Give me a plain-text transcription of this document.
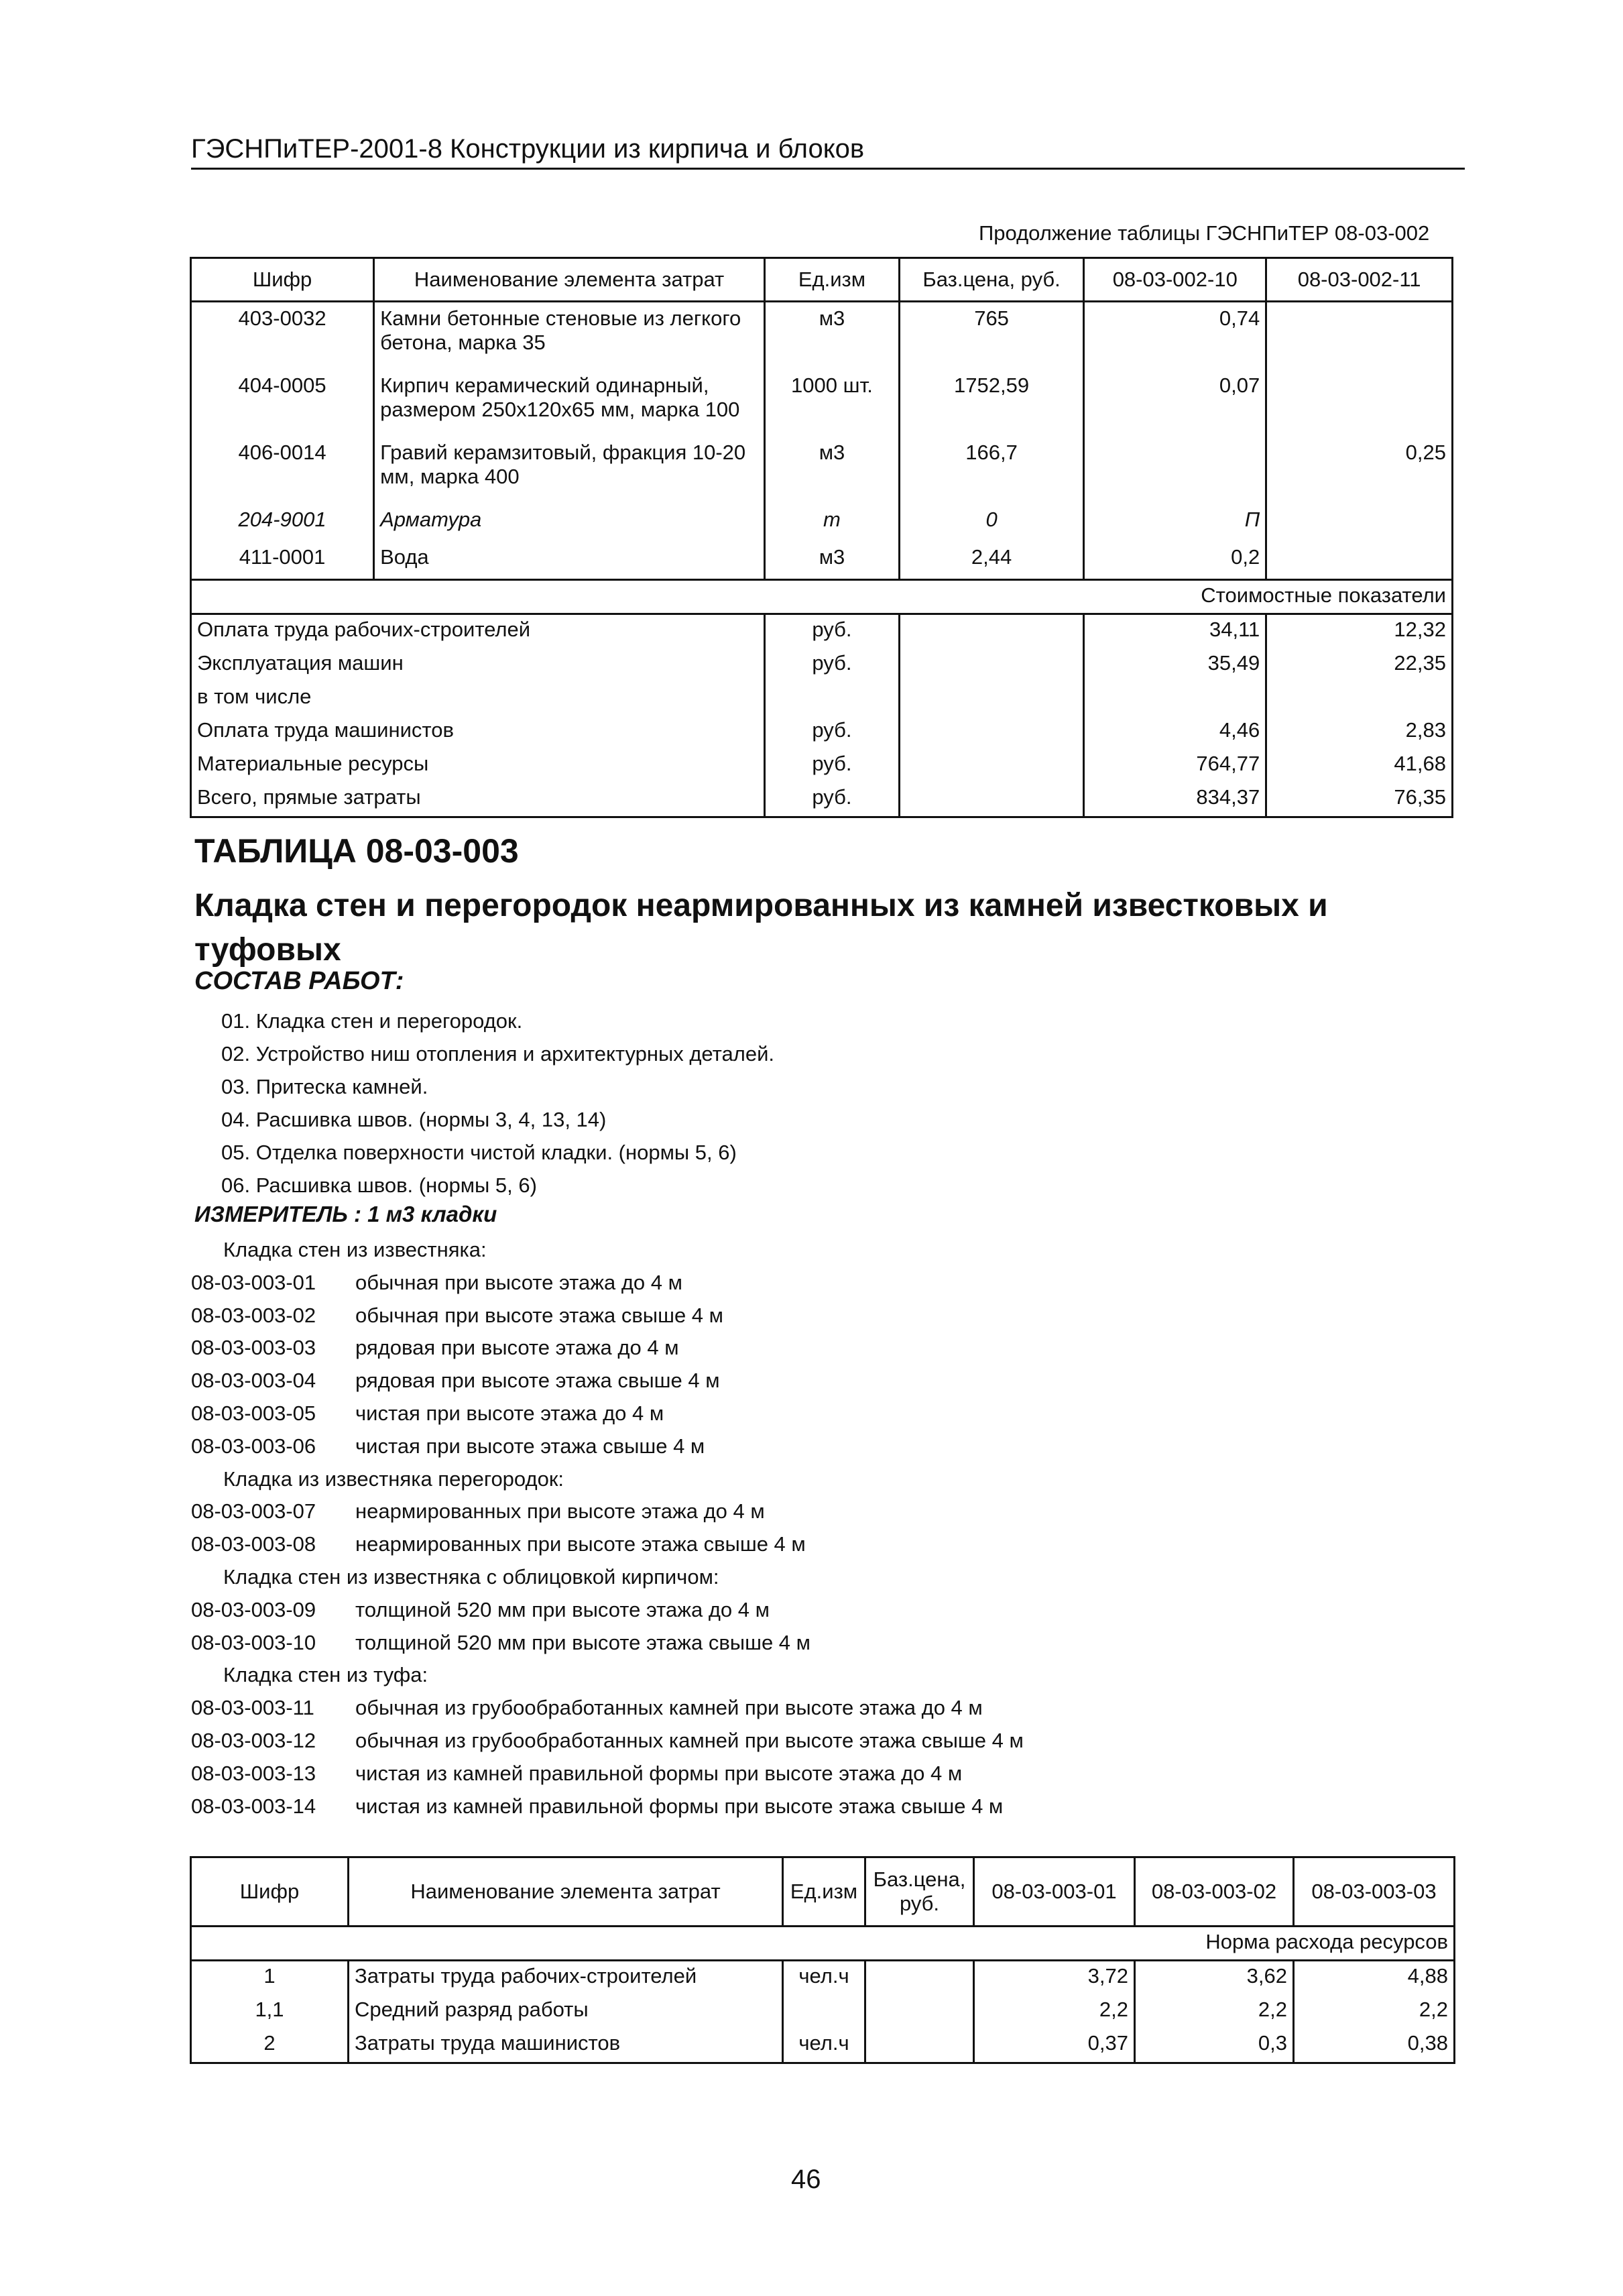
ГЭСНПиТЕР-2001-8 Конструкции из кирпича и блоков
Продолжение таблицы ГЭСНПиТЕР 08-03-002
Шифр	Наименование элемента затрат	Ед.изм	Баз.цена, руб.	08-03-002-10	08-03-002-11
403-0032	Камни бетонные стеновые из легкого бетона, марка 35	м3	765	0,74	
404-0005	Кирпич керамический одинарный, размером 250x120x65 мм, марка 100	1000 шт.	1752,59	0,07	
406-0014	Гравий керамзитовый, фракция 10-20 мм, марка 400	м3	166,7		0,25
204-9001	Арматура	т	0	П	
411-0001	Вода	м3	2,44	0,2	
Стоимостные показатели					
Оплата труда рабочих-строителей		руб.		34,11	12,32
Эксплуатация машин		руб.		35,49	22,35
в том числе					
Оплата труда машинистов		руб.		4,46	2,83
Материальные ресурсы		руб.		764,77	41,68
Всего, прямые затраты		руб.		834,37	76,35
ТАБЛИЦА 08-03-003
Кладка стен и перегородок неармированных из камней известковых и туфовых
СОСТАВ РАБОТ:
01. Кладка стен и перегородок.
02. Устройство ниш отопления и архитектурных деталей.
03. Притеска камней.
04. Расшивка швов. (нормы 3, 4, 13, 14)
05. Отделка поверхности чистой кладки. (нормы 5, 6)
06. Расшивка швов. (нормы 5, 6)
ИЗМЕРИТЕЛЬ : 1 м3 кладки
Кладка стен из известняка:
08-03-003-01 обычная при высоте этажа до 4 м
08-03-003-02 обычная при высоте этажа свыше 4 м
08-03-003-03 рядовая при высоте этажа до 4 м
08-03-003-04 рядовая при высоте этажа свыше 4 м
08-03-003-05 чистая при высоте этажа до 4 м
08-03-003-06 чистая при высоте этажа свыше 4 м
Кладка из известняка перегородок:
08-03-003-07 неармированных при высоте этажа до 4 м
08-03-003-08 неармированных при высоте этажа свыше 4 м
Кладка стен из известняка с облицовкой кирпичом:
08-03-003-09 толщиной 520 мм при высоте этажа до 4 м
08-03-003-10 толщиной 520 мм при высоте этажа свыше 4 м
Кладка стен из туфа:
08-03-003-11 обычная из грубообработанных камней при высоте этажа до 4 м
08-03-003-12 обычная из грубообработанных камней при высоте этажа свыше 4 м
08-03-003-13 чистая из камней правильной формы при высоте этажа до 4 м
08-03-003-14 чистая из камней правильной формы при высоте этажа свыше 4 м
Шифр	Наименование элемента затрат	Ед.изм	Баз.цена, руб.	08-03-003-01	08-03-003-02	08-03-003-03
Норма расхода ресурсов						
1	Затраты труда рабочих-строителей	чел.ч		3,72	3,62	4,88
1,1	Средний разряд работы			2,2	2,2	2,2
2	Затраты труда машинистов	чел.ч		0,37	0,3	0,38
46
